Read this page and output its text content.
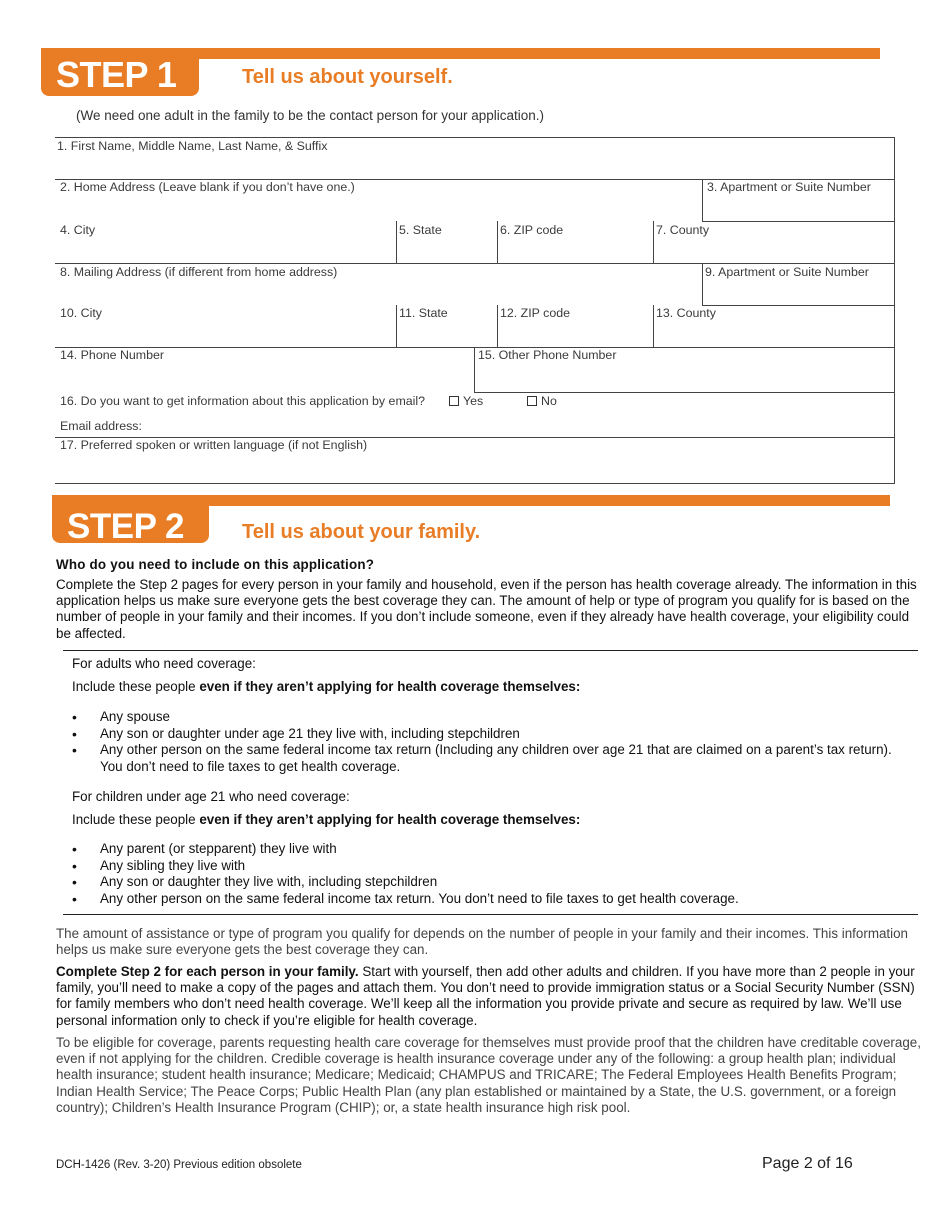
STEP 1	Tell us about yourself.
(We need one adult in the family to be the contact person for your application.)
1. First Name, Middle Name, Last Name, & Suffix
2. Home Address (Leave blank if you don’t have one.)	3. Apartment or Suite Number
4. City	5. State	6. ZIP code	7. County
8. Mailing Address (if different from home address)	9. Apartment or Suite Number
10. City	11. State	12. ZIP code	13. County
14. Phone Number	15. Other Phone Number
16. Do you want to get information about this application by email?	Yes	No
Email address:
17. Preferred spoken or written language (if not English)
STEP 2	Tell us about your family.
Who do you need to include on this application?

Complete the Step 2 pages for every person in your family and household, even if the person has health coverage already. The information in this application helps us make sure everyone gets the best coverage they can. The amount of help or type of program you qualify for is based on the number of people in your family and their incomes. If you don’t include someone, even if they already have health coverage, your eligibility could be affected.

For adults who need coverage:

Include these people even if they aren’t applying for health coverage themselves:

• Any spouse
• Any son or daughter under age 21 they live with, including stepchildren
• Any other person on the same federal income tax return (Including any children over age 21 that are claimed on a parent’s tax return). You don’t need to file taxes to get health coverage.

For children under age 21 who need coverage:

Include these people even if they aren’t applying for health coverage themselves:

• Any parent (or stepparent) they live with
• Any sibling they live with
• Any son or daughter they live with, including stepchildren
• Any other person on the same federal income tax return. You don’t need to file taxes to get health coverage.

The amount of assistance or type of program you qualify for depends on the number of people in your family and their incomes. This information helps us make sure everyone gets the best coverage they can.

Complete Step 2 for each person in your family. Start with yourself, then add other adults and children. If you have more than 2 people in your family, you’ll need to make a copy of the pages and attach them. You don’t need to provide immigration status or a Social Security Number (SSN) for family members who don’t need health coverage. We’ll keep all the information you provide private and secure as required by law. We’ll use personal information only to check if you’re eligible for health coverage.

To be eligible for coverage, parents requesting health care coverage for themselves must provide proof that the children have creditable coverage, even if not applying for the children. Credible coverage is health insurance coverage under any of the following: a group health plan; individual health insurance; student health insurance; Medicare; Medicaid; CHAMPUS and TRICARE; The Federal Employees Health Benefits Program; Indian Health Service; The Peace Corps; Public Health Plan (any plan established or maintained by a State, the U.S. government, or a foreign country); Children’s Health Insurance Program (CHIP); or, a state health insurance high risk pool.

DCH-1426 (Rev. 3-20) Previous edition obsolete	Page 2 of 16
